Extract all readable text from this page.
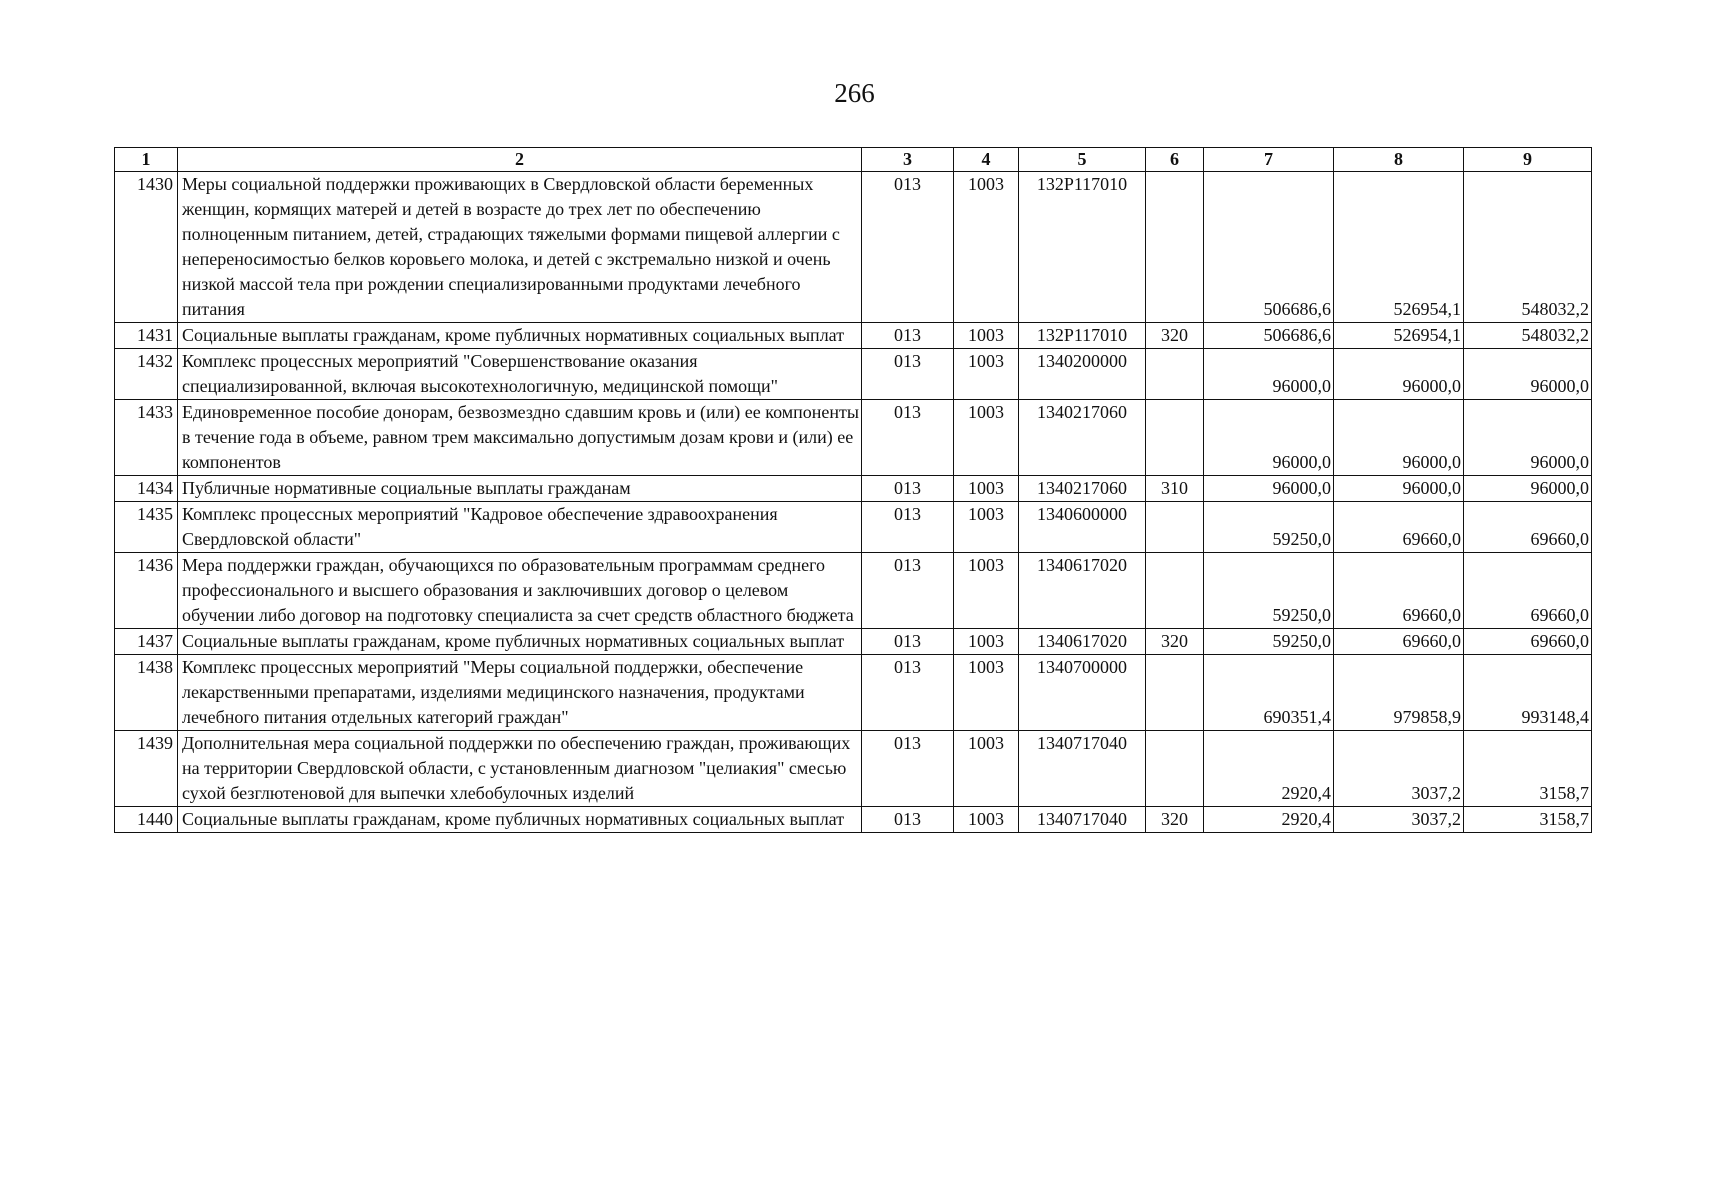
266
1	2	3	4	5	6	7	8	9
1430	Меры социальной поддержки проживающих в Свердловской области беременных женщин, кормящих матерей и детей в возрасте до трех лет по обеспечению полноценным питанием, детей, страдающих тяжелыми формами пищевой аллергии с непереносимостью белков коровьего молока, и детей с экстремально низкой и очень низкой массой тела при рождении специализированными продуктами лечебного питания	013	1003	132P117010		506686,6	526954,1	548032,2
1431	Социальные выплаты гражданам, кроме публичных нормативных социальных выплат	013	1003	132P117010	320	506686,6	526954,1	548032,2
1432	Комплекс процессных мероприятий "Совершенствование оказания специализированной, включая высокотехнологичную, медицинской помощи"	013	1003	1340200000		96000,0	96000,0	96000,0
1433	Единовременное пособие донорам, безвозмездно сдавшим кровь и (или) ее компоненты в течение года в объеме, равном трем максимально допустимым дозам крови и (или) ее компонентов	013	1003	1340217060		96000,0	96000,0	96000,0
1434	Публичные нормативные социальные выплаты гражданам	013	1003	1340217060	310	96000,0	96000,0	96000,0
1435	Комплекс процессных мероприятий "Кадровое обеспечение здравоохранения Свердловской области"	013	1003	1340600000		59250,0	69660,0	69660,0
1436	Мера поддержки граждан, обучающихся по образовательным программам среднего профессионального и высшего образования и заключивших договор о целевом обучении либо договор на подготовку специалиста за счет средств областного бюджета	013	1003	1340617020		59250,0	69660,0	69660,0
1437	Социальные выплаты гражданам, кроме публичных нормативных социальных выплат	013	1003	1340617020	320	59250,0	69660,0	69660,0
1438	Комплекс процессных мероприятий "Меры социальной поддержки, обеспечение лекарственными препаратами, изделиями медицинского назначения, продуктами лечебного питания отдельных категорий граждан"	013	1003	1340700000		690351,4	979858,9	993148,4
1439	Дополнительная мера социальной поддержки по обеспечению граждан, проживающих на территории Свердловской области, с установленным диагнозом "целиакия" смесью сухой безглютеновой для выпечки хлебобулочных изделий	013	1003	1340717040		2920,4	3037,2	3158,7
1440	Социальные выплаты гражданам, кроме публичных нормативных социальных выплат	013	1003	1340717040	320	2920,4	3037,2	3158,7
